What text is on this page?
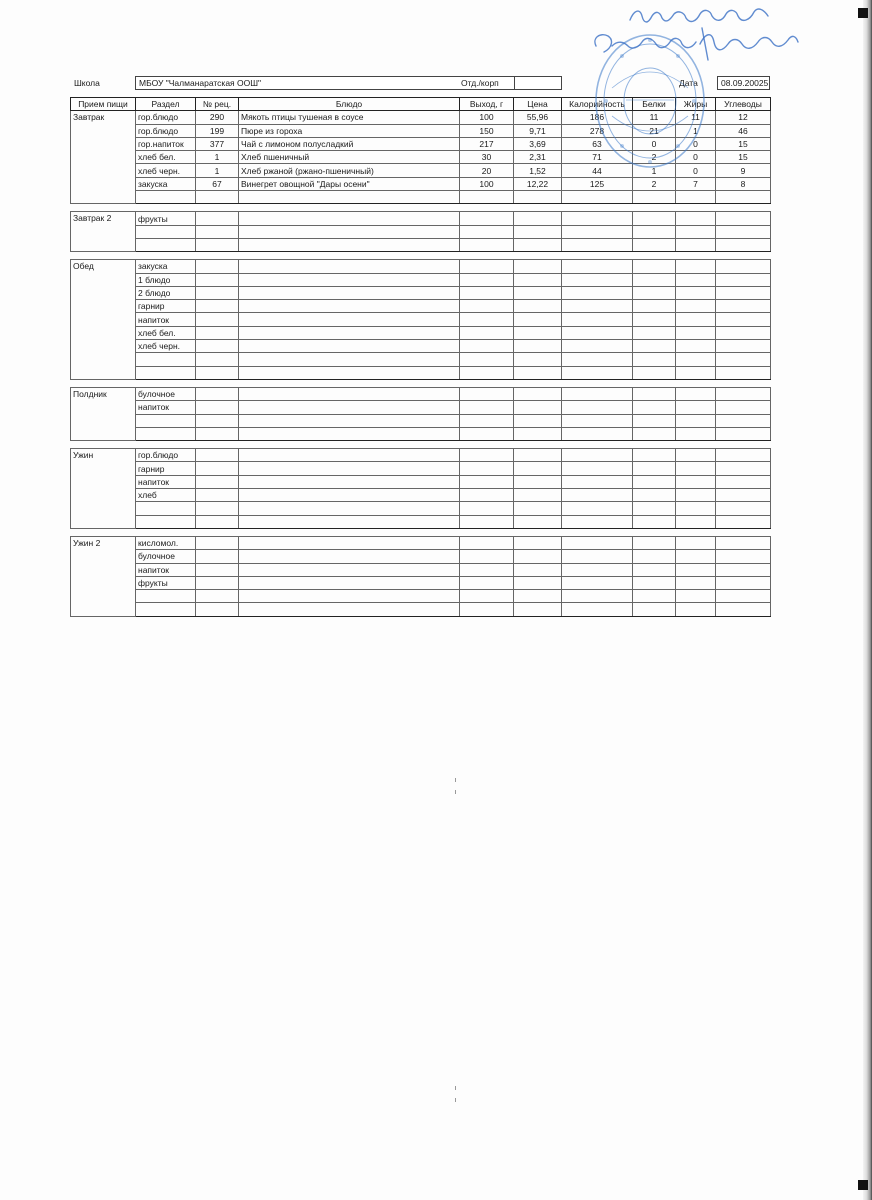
Школа	МБОУ "Чалманаратская ООШ"	Отд./корп	Дата	08.09.20025
Прием пищи	Раздел	№ рец.	Блюдо	Выход, г	Цена	Калорийность	Белки	Жиры	Углеводы
Завтрак	гор.блюдо	290	Мякоть птицы тушеная в соусе	100	55,96	186	11	11	12
	гор.блюдо	199	Пюре из гороха	150	9,71	278	21	1	46
	гор.напиток	377	Чай с лимоном полусладкий	217	3,69	63	0	0	15
	хлеб бел.	1	Хлеб пшеничный	30	2,31	71	2	0	15
	хлеб черн.	1	Хлеб ржаной (ржано-пшеничный)	20	1,52	44	1	0	9
	закуска	67	Винегрет овощной "Дары осени"	100	12,22	125	2	7	8

Завтрак 2	фрукты								

Обед	закуска								
	1 блюдо								
	2 блюдо								
	гарнир								
	напиток								
	хлеб бел.								
	хлеб черн.								

Полдник	булочное								
	напиток								

Ужин	гор.блюдо								
	гарнир								
	напиток								
	хлеб								

Ужин 2	кисломол.								
	булочное								
	напиток								
	фрукты								
